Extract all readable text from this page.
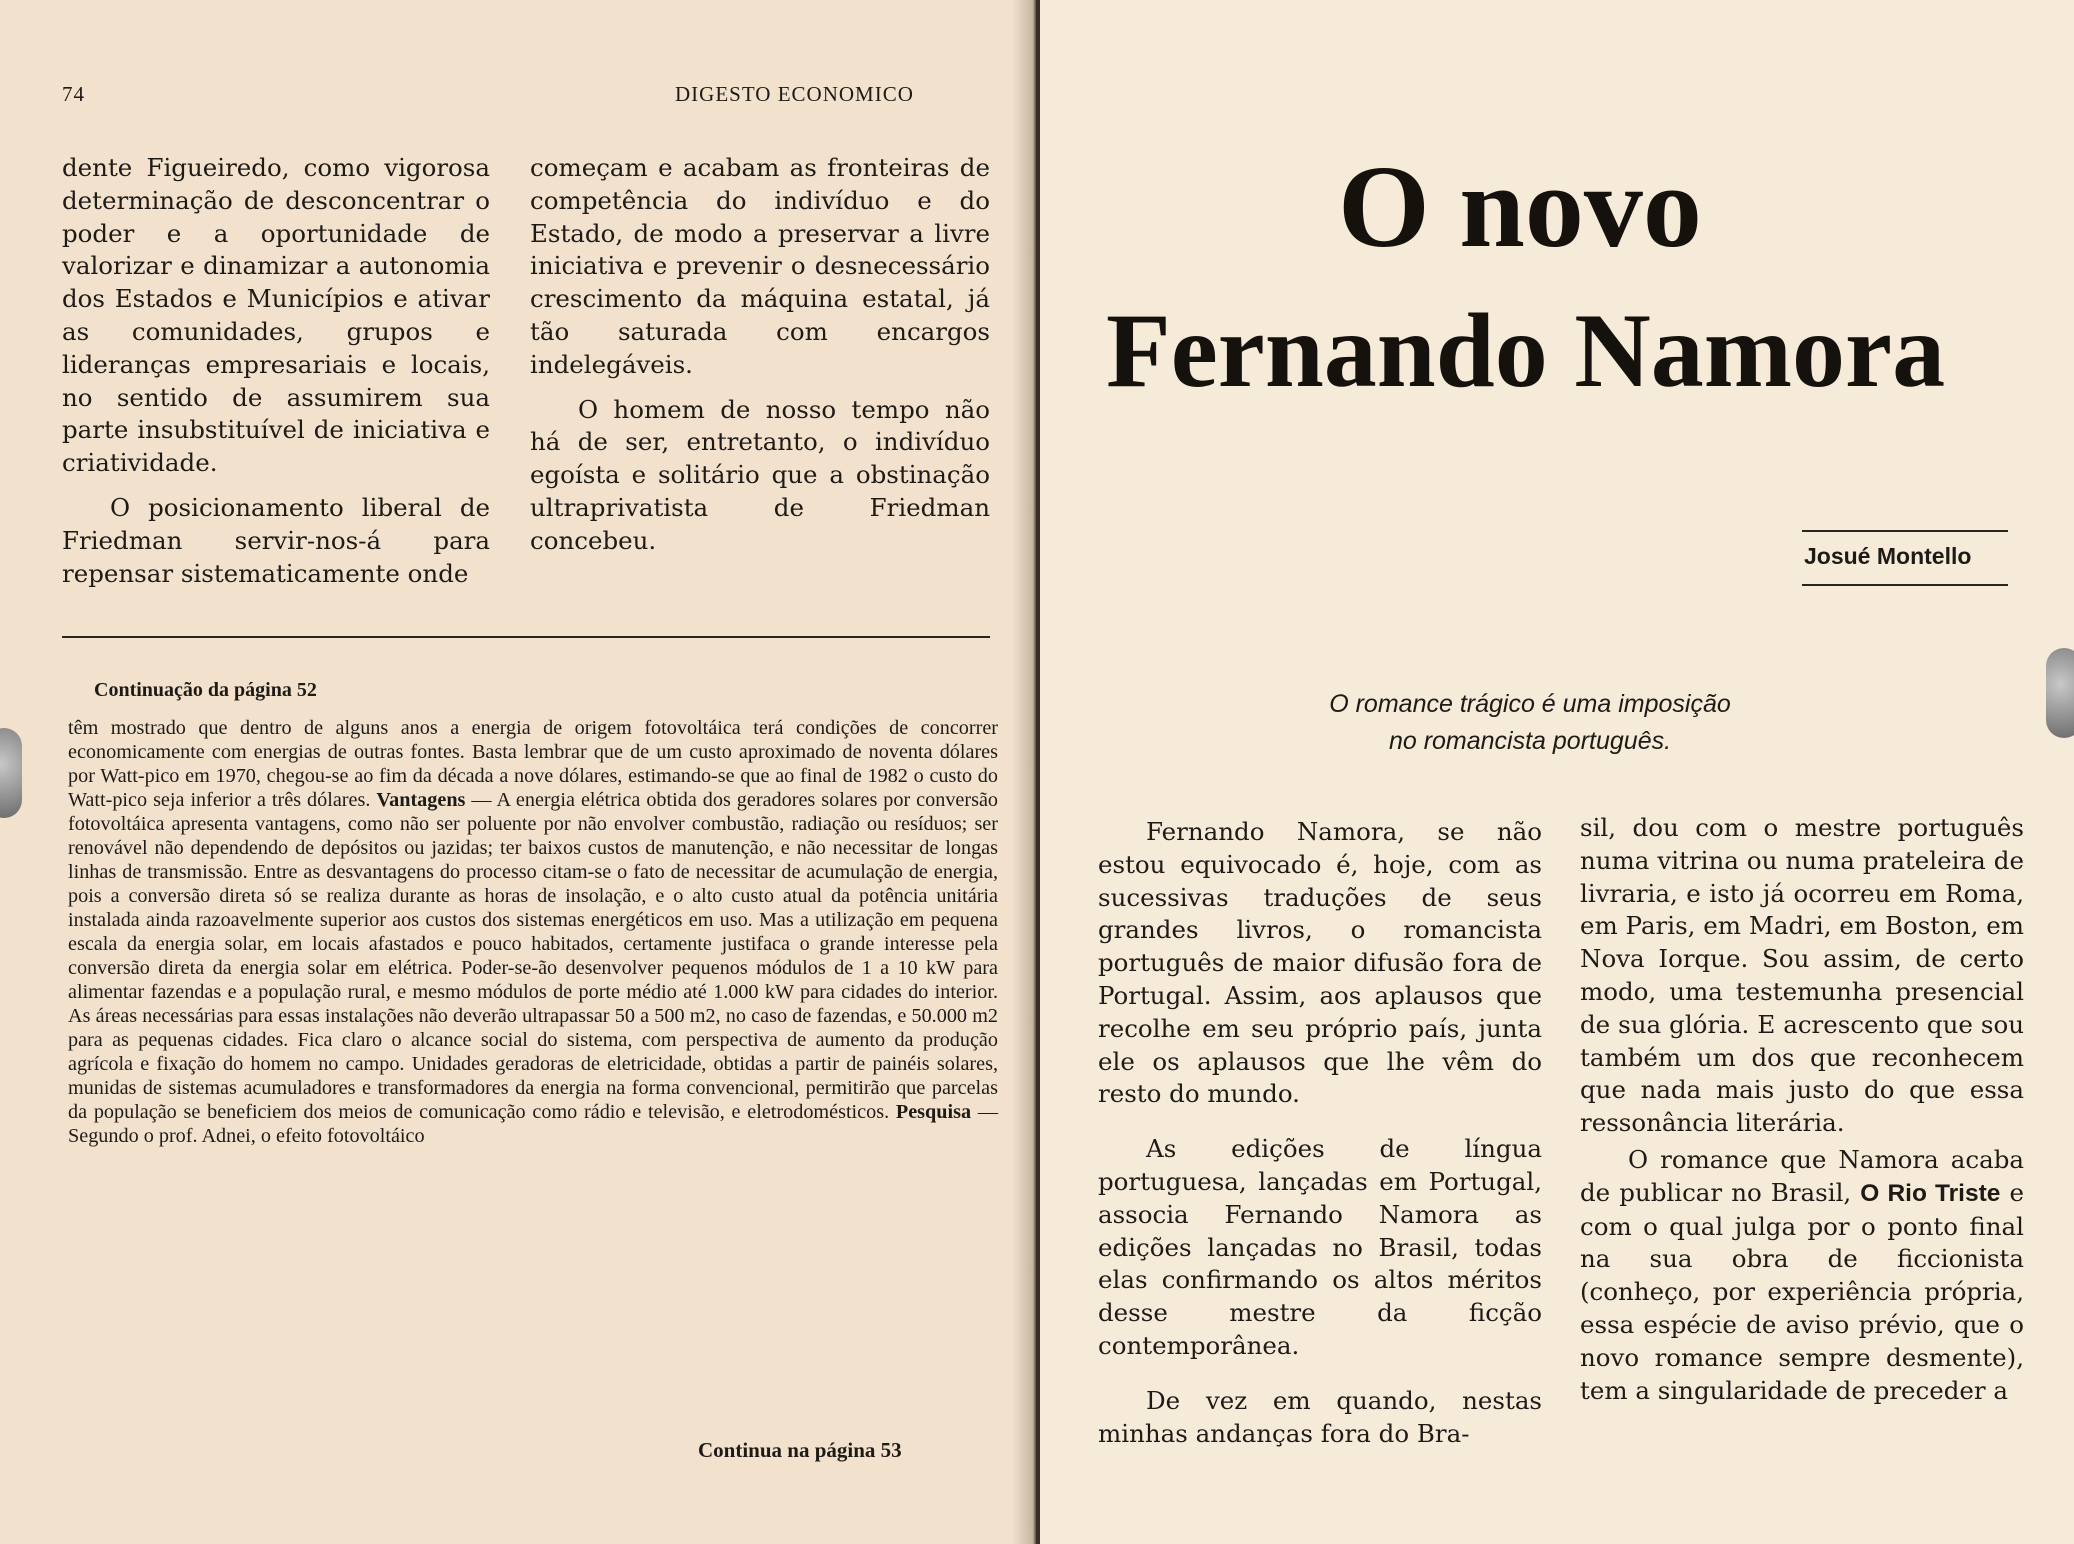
74	DIGESTO ECONOMICO

dente Figueiredo, como vigorosa determinação de desconcentrar o poder e a oportunidade de valorizar e dinamizar a autonomia dos Estados e Municípios e ativar as comunidades, grupos e lideranças empresariais e locais, no sentido de assumirem sua parte insubstituível de iniciativa e criatividade.

O posicionamento liberal de Friedman servir-nos-á para repensar sistematicamente onde

começam e acabam as fronteiras de competência do indivíduo e do Estado, de modo a preservar a livre iniciativa e prevenir o desnecessário crescimento da máquina estatal, já tão saturada com encargos indelegáveis.

O homem de nosso tempo não há de ser, entretanto, o indivíduo egoísta e solitário que a obstinação ultraprivatista de Friedman concebeu.

Continuação da página 52

têm mostrado que dentro de alguns anos a energia de origem fotovoltáica terá condições de concorrer economicamente com energias de outras fontes. Basta lembrar que de um custo aproximado de noventa dólares por Watt-pico em 1970, chegou-se ao fim da década a nove dólares, estimando-se que ao final de 1982 o custo do Watt-pico seja inferior a três dólares. Vantagens — A energia elétrica obtida dos geradores solares por conversão fotovoltáica apresenta vantagens, como não ser poluente por não envolver combustão, radiação ou resíduos; ser renovável não dependendo de depósitos ou jazidas; ter baixos custos de manutenção, e não necessitar de longas linhas de transmissão. Entre as desvantagens do processo citam-se o fato de necessitar de acumulação de energia, pois a conversão direta só se realiza durante as horas de insolação, e o alto custo atual da potência unitária instalada ainda razoavelmente superior aos custos dos sistemas energéticos em uso. Mas a utilização em pequena escala da energia solar, em locais afastados e pouco habitados, certamente justifaca o grande interesse pela conversão direta da energia solar em elétrica. Poder-se-ão desenvolver pequenos módulos de 1 a 10 kW para alimentar fazendas e a população rural, e mesmo módulos de porte médio até 1.000 kW para cidades do interior. As áreas necessárias para essas instalações não deverão ultrapassar 50 a 500 m2, no caso de fazendas, e 50.000 m2 para as pequenas cidades. Fica claro o alcance social do sistema, com perspectiva de aumento da produção agrícola e fixação do homem no campo. Unidades geradoras de eletricidade, obtidas a partir de painéis solares, munidas de sistemas acumuladores e transformadores da energia na forma convencional, permitirão que parcelas da população se beneficiem dos meios de comunicação como rádio e televisão, e eletrodomésticos. Pesquisa — Segundo o prof. Adnei, o efeito fotovoltáico

Continua na página 53
O novo
Fernando Namora
Josué Montello
O romance trágico é uma imposição
no romancista português.

Fernando Namora, se não estou equivocado é, hoje, com as sucessivas traduções de seus grandes livros, o romancista português de maior difusão fora de Portugal. Assim, aos aplausos que recolhe em seu próprio país, junta ele os aplausos que lhe vêm do resto do mundo.

As edições de língua portuguesa, lançadas em Portugal, associa Fernando Namora as edições lançadas no Brasil, todas elas confirmando os altos méritos desse mestre da ficção contemporânea.

De vez em quando, nestas minhas andanças fora do Bra-

sil, dou com o mestre português numa vitrina ou numa prateleira de livraria, e isto já ocorreu em Roma, em Paris, em Madri, em Boston, em Nova Iorque. Sou assim, de certo modo, uma testemunha presencial de sua glória. E acrescento que sou também um dos que reconhecem que nada mais justo do que essa ressonância literária.

O romance que Namora acaba de publicar no Brasil, O Rio Triste e com o qual julga por o ponto final na sua obra de ficcionista (conheço, por experiência própria, essa espécie de aviso prévio, que o novo romance sempre desmente), tem a singularidade de preceder a
